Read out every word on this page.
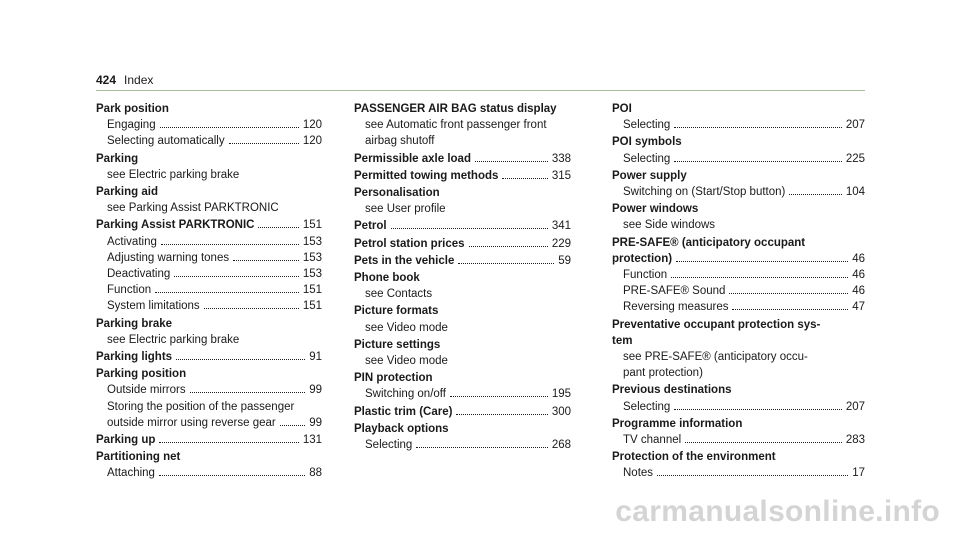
424 Index
Park position
Engaging	120
Selecting automatically	120
Parking
see Electric parking brake
Parking aid
see Parking Assist PARKTRONIC
Parking Assist PARKTRONIC	151
Activating	153
Adjusting warning tones	153
Deactivating	153
Function	151
System limitations	151
Parking brake
see Electric parking brake
Parking lights	91
Parking position
Outside mirrors	99
Storing the position of the passenger
outside mirror using reverse gear	99
Parking up	131
Partitioning net
Attaching	88
PASSENGER AIR BAG status display
see Automatic front passenger front
airbag shutoff
Permissible axle load	338
Permitted towing methods	315
Personalisation
see User profile
Petrol	341
Petrol station prices	229
Pets in the vehicle	59
Phone book
see Contacts
Picture formats
see Video mode
Picture settings
see Video mode
PIN protection
Switching on/off	195
Plastic trim (Care)	300
Playback options
Selecting	268
POI
Selecting	207
POI symbols
Selecting	225
Power supply
Switching on (Start/Stop button)	104
Power windows
see Side windows
PRE-SAFE® (anticipatory occupant
protection)	46
Function	46
PRE-SAFE® Sound	46
Reversing measures	47
Preventative occupant protection sys-
tem
see PRE-SAFE® (anticipatory occu-
pant protection)
Previous destinations
Selecting	207
Programme information
TV channel	283
Protection of the environment
Notes	17
carmanualsonline.info
